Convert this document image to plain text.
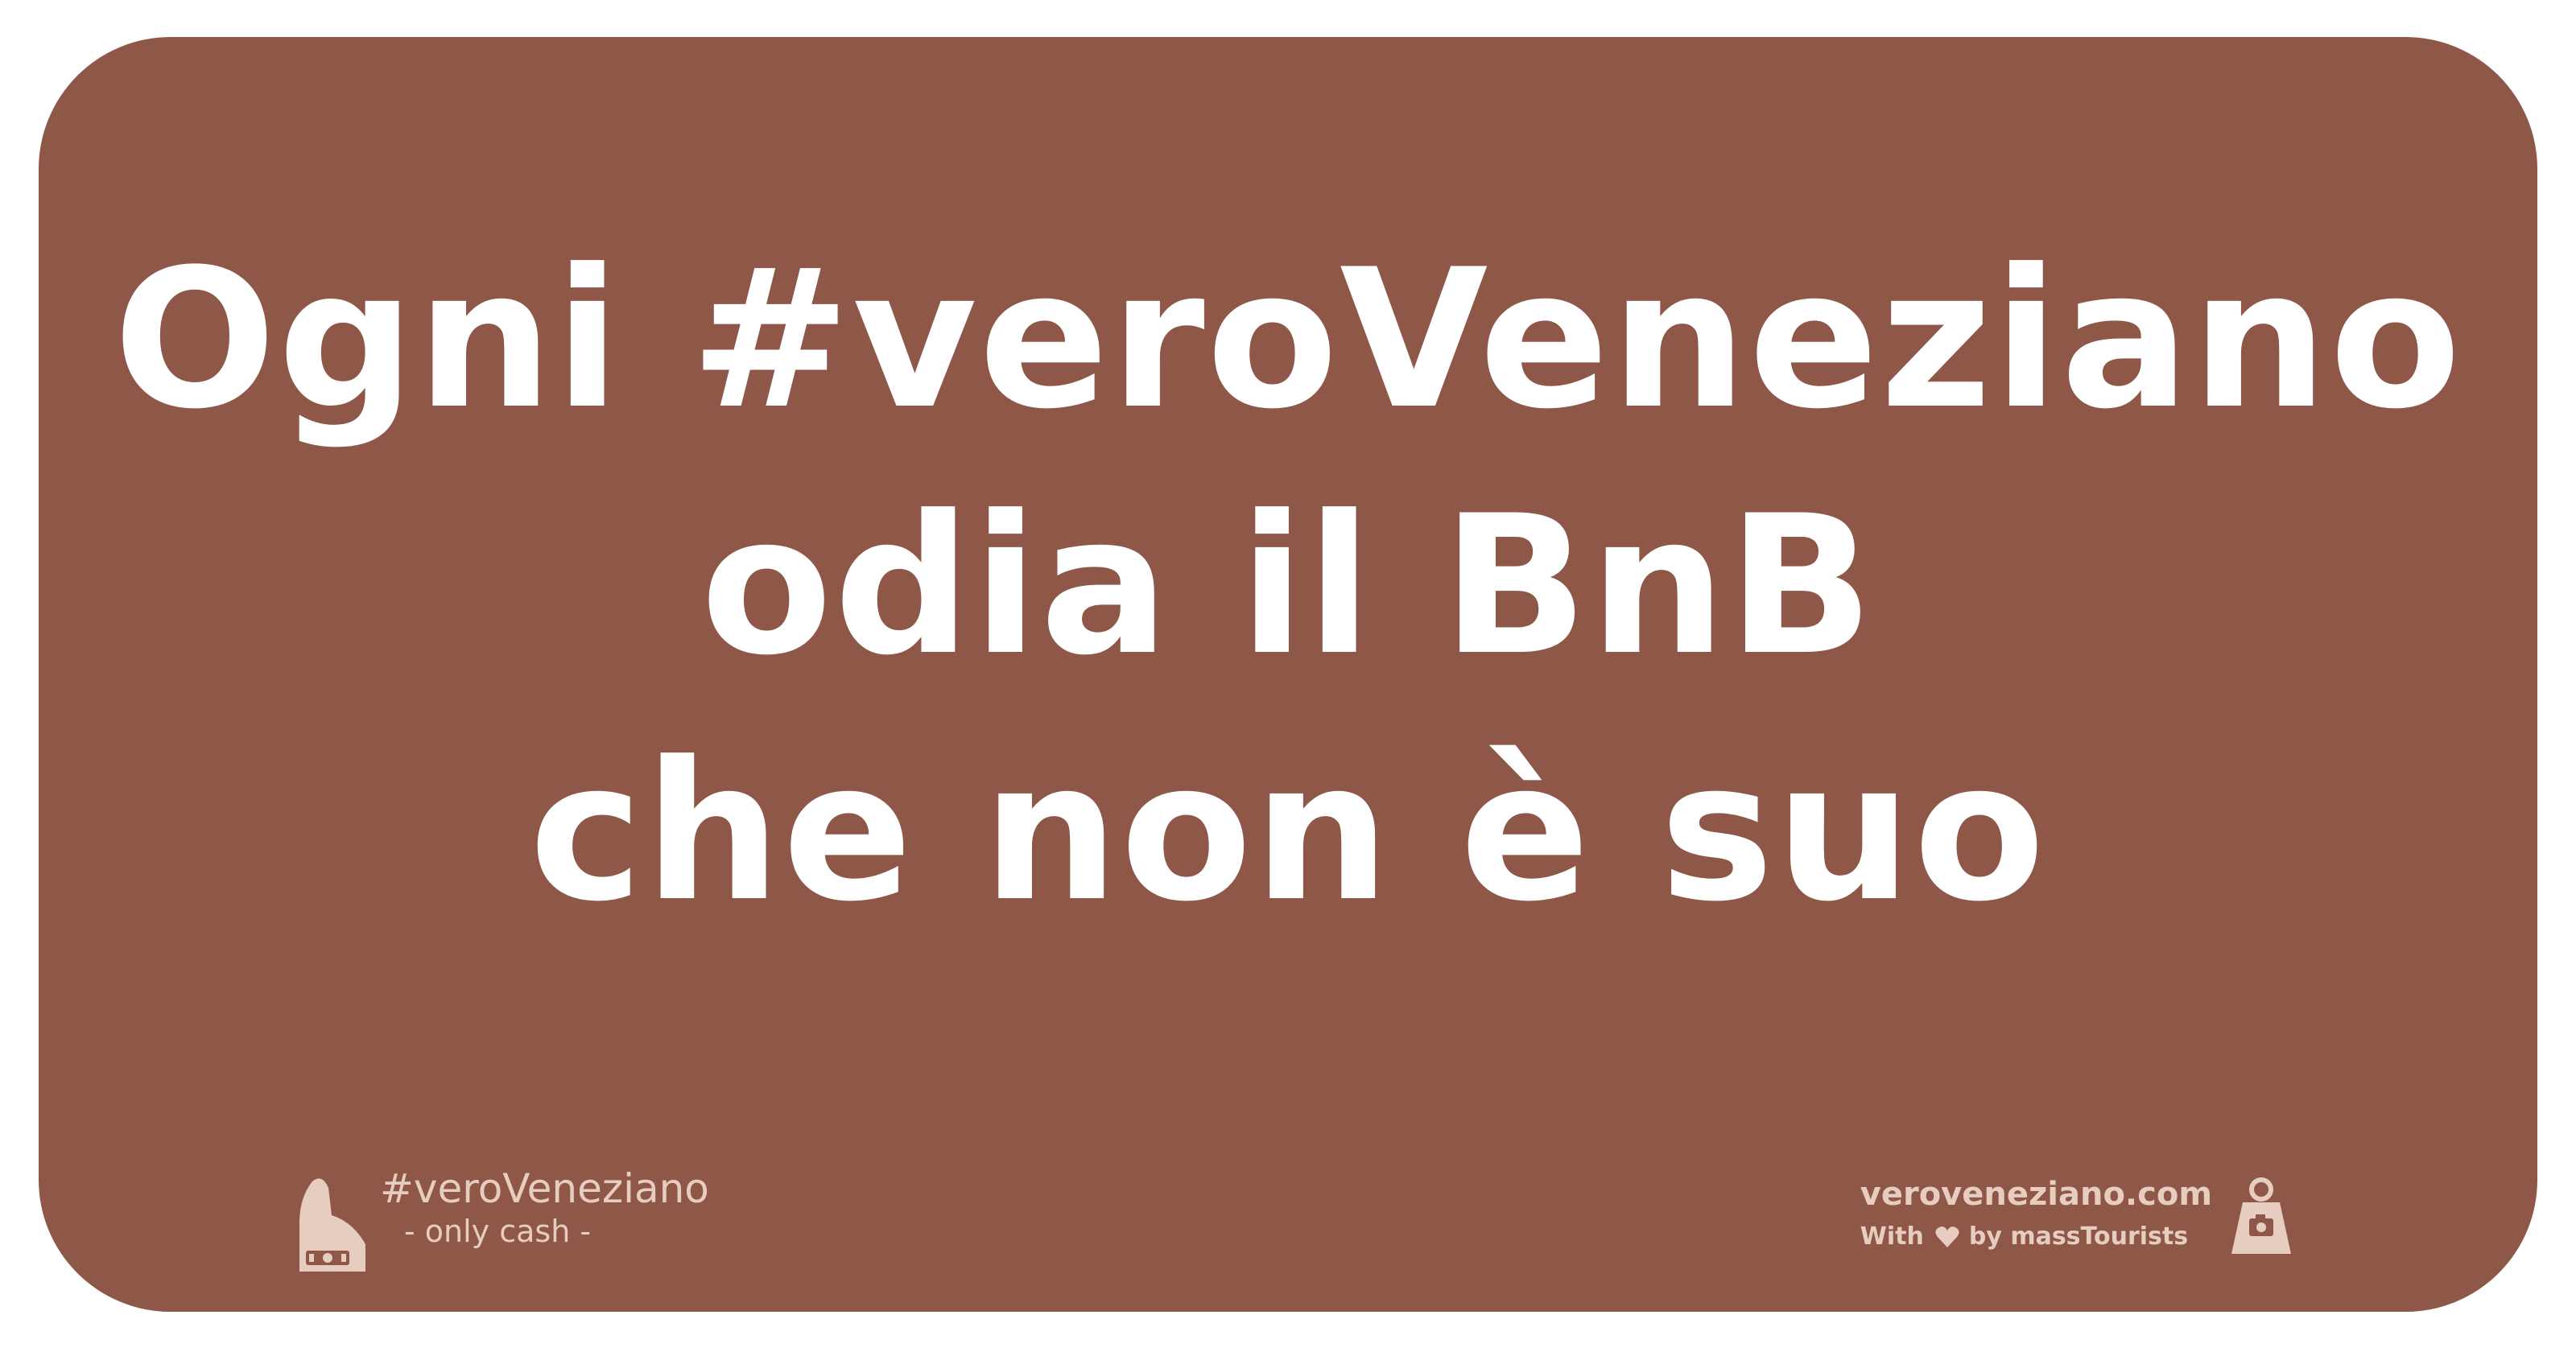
Ogni #veroVeneziano
odia il BnB
che non è suo
#veroVeneziano
- only cash -
veroveneziano.com
With by massTourists
